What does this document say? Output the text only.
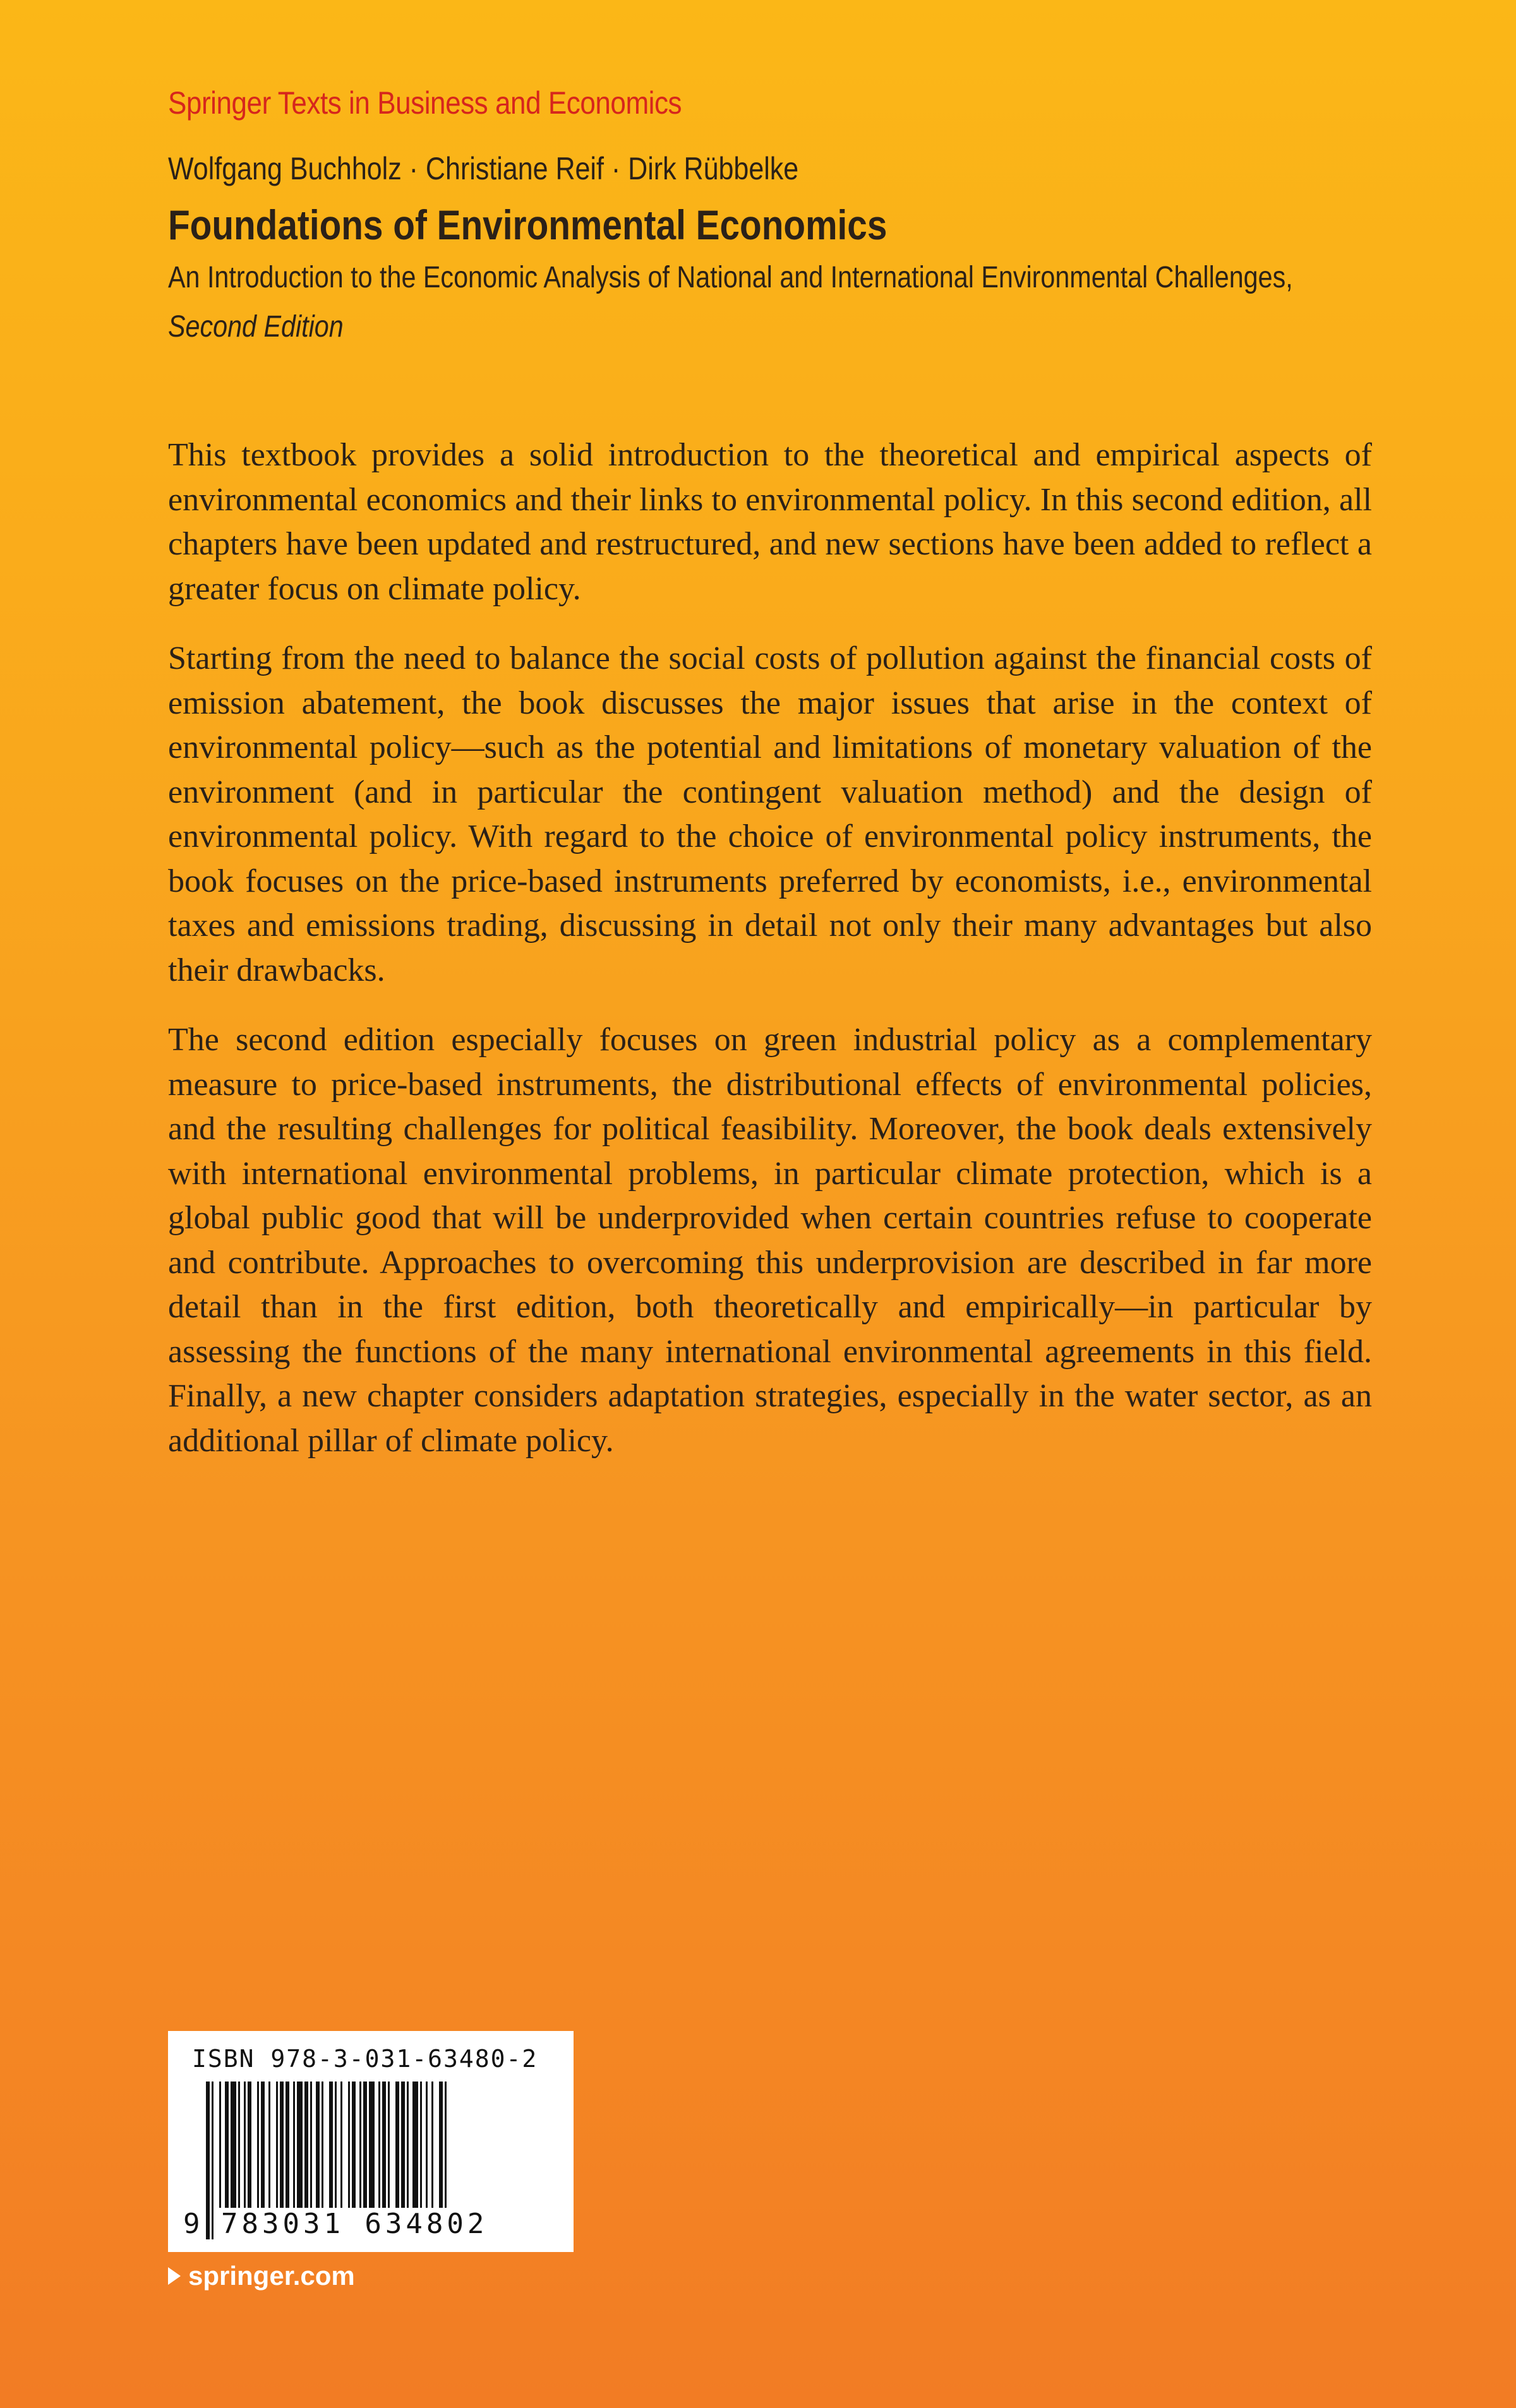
Springer Texts in Business and Economics
Wolfgang Buchholz · Christiane Reif · Dirk Rübbelke
Foundations of Environmental Economics
An Introduction to the Economic Analysis of National and International Environmental Challenges,
Second Edition

This textbook provides a solid introduction to the theoretical and empirical aspects of environmental economics and their links to environmental policy. In this second edition, all chapters have been updated and restructured, and new sections have been added to reflect a greater focus on climate policy.

Starting from the need to balance the social costs of pollution against the financial costs of emission abatement, the book discusses the major issues that arise in the context of environmental policy—such as the potential and limitations of monetary valuation of the environment (and in particular the contingent valuation method) and the design of environmental policy. With regard to the choice of environmental policy instruments, the book focuses on the price-based instruments preferred by economists, i.e., environmental taxes and emissions trading, discussing in detail not only their many advantages but also their drawbacks.

The second edition especially focuses on green industrial policy as a complementary measure to price-based instruments, the distributional effects of environmental policies, and the resulting challenges for political feasibility. Moreover, the book deals extensively with international environmental problems, in particular climate protection, which is a global public good that will be underprovided when certain countries refuse to cooperate and contribute. Approaches to overcoming this underprovision are described in far more detail than in the first edition, both theoretically and empirically—in particular by assessing the functions of the many international environmental agreements in this field. Finally, a new chapter considers adaptation strategies, especially in the water sector, as an additional pillar of climate policy.

ISBN 978-3-031-63480-2
9 783031 634802
springer.com
